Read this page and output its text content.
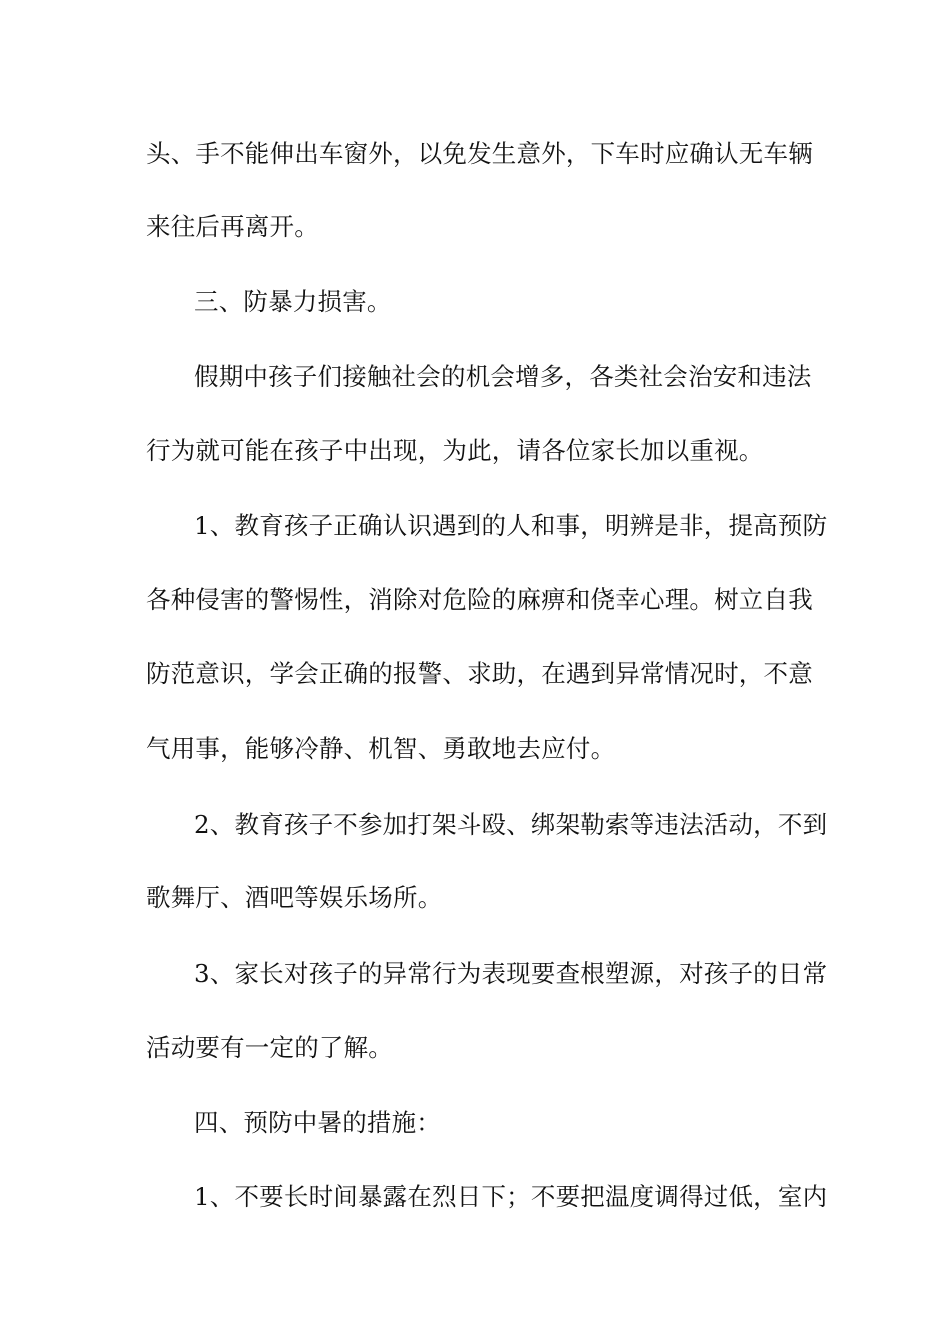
头、手不能伸出车窗外，以免发生意外，下车时应确认无车辆
来往后再离开。
三、防暴力损害。
假期中孩子们接触社会的机会增多，各类社会治安和违法
行为就可能在孩子中出现，为此，请各位家长加以重视。
1、教育孩子正确认识遇到的人和事，明辨是非，提高预防
各种侵害的警惕性，消除对危险的麻痹和侥幸心理。树立自我
防范意识，学会正确的报警、求助，在遇到异常情况时，不意
气用事，能够冷静、机智、勇敢地去应付。
2、教育孩子不参加打架斗殴、绑架勒索等违法活动，不到
歌舞厅、酒吧等娱乐场所。
3、家长对孩子的异常行为表现要查根塑源，对孩子的日常
活动要有一定的了解。
四、预防中暑的措施：
1、不要长时间暴露在烈日下；不要把温度调得过低，室内
